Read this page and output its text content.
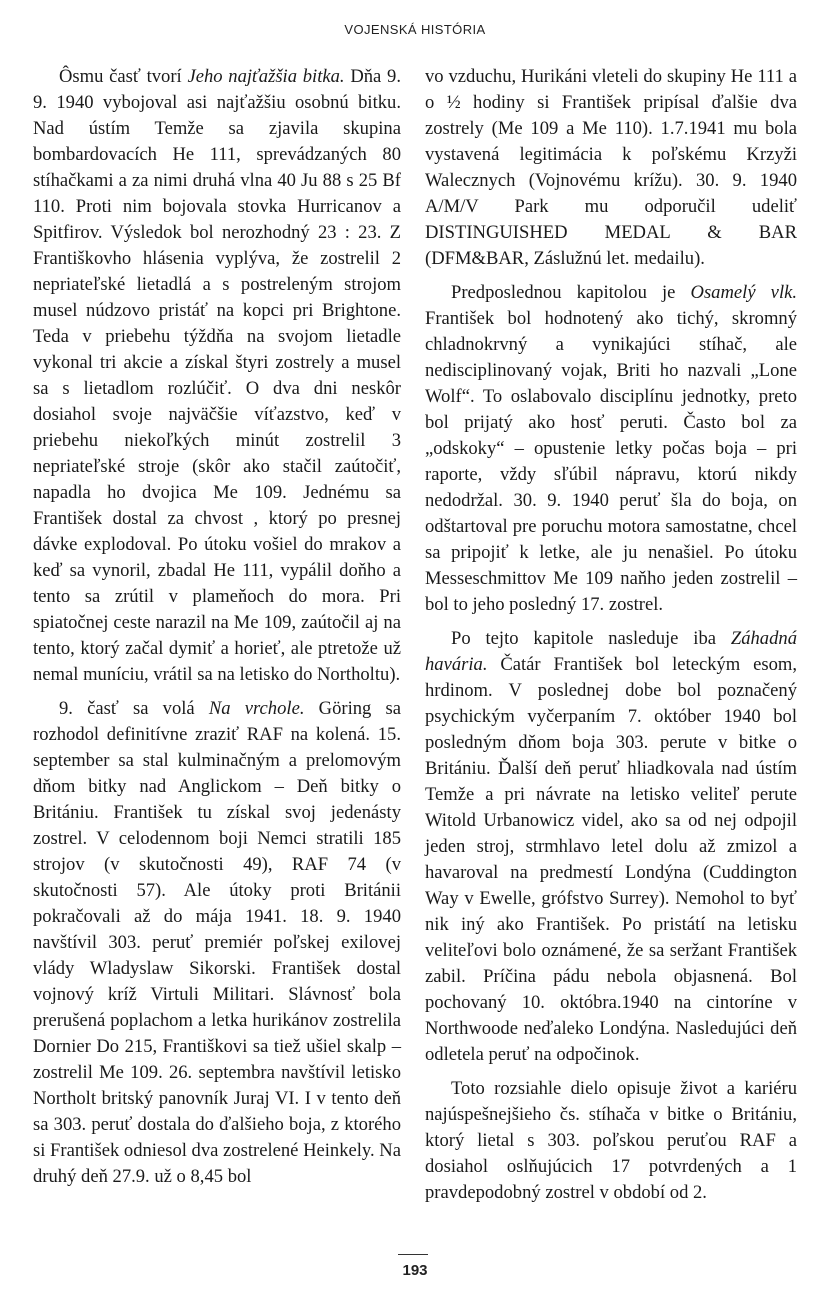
VOJENSKÁ HISTÓRIA

Ôsmu časť tvorí Jeho najťažšia bitka. Dňa 9. 9. 1940 vybojoval asi najťažšiu osobnú bitku. Nad ústím Temže sa zjavila skupina bombardovacích He 111, sprevádzaných 80 stíhačkami a za nimi druhá vlna 40 Ju 88 s 25 Bf 110. Proti nim bojovala stovka Hurricanov a Spitfirov. Výsledok bol nerozhodný 23 : 23. Z Františkovho hlásenia vyplýva, že zostrelil 2 nepriateľské lietadlá a s postreleným strojom musel núdzovo pristáť na kopci pri Brightone. Teda v priebehu týždňa na svojom lietadle vykonal tri akcie a získal štyri zostrely a musel sa s lietadlom rozlúčiť. O dva dni neskôr dosiahol svoje najväčšie víťazstvo, keď v priebehu niekoľkých minút zostrelil 3 nepriateľské stroje (skôr ako stačil zaútočiť, napadla ho dvojica Me 109. Jednému sa František dostal za chvost , ktorý po presnej dávke explodoval. Po útoku vošiel do mrakov a keď sa vynoril, zbadal He 111, vypálil doňho a tento sa zrútil v plameňoch do mora. Pri spiatočnej ceste narazil na Me 109, zaútočil aj na tento, ktorý začal dymiť a horieť, ale ptretože už nemal muníciu, vrátil sa na letisko do Northoltu).

9. časť sa volá Na vrchole. Göring sa rozhodol definitívne zraziť RAF na kolená. 15. september sa stal kulminačným a prelomovým dňom bitky nad Anglickom – Deň bitky o Britániu. František tu získal svoj jedenásty zostrel. V celodennom boji Nemci stratili 185 strojov (v skutočnosti 49), RAF 74 (v skutočnosti 57). Ale útoky proti Británii pokračovali až do mája 1941. 18. 9. 1940 navštívil 303. peruť premiér poľskej exilovej vlády Wladyslaw Sikorski. František dostal vojnový kríž Virtuli Militari. Slávnosť bola prerušená poplachom a letka hurikánov zostrelila Dornier Do 215, Františkovi sa tiež ušiel skalp – zostrelil Me 109. 26. septembra navštívil letisko Northolt britský panovník Juraj VI. I v tento deň sa 303. peruť dostala do ďalšieho boja, z ktorého si František odniesol dva zostrelené Heinkely. Na druhý deň 27.9. už o 8,45 bol

vo vzduchu, Hurikáni vleteli do skupiny He 111 a o ½ hodiny si František pripísal ďalšie dva zostrely (Me 109 a Me 110). 1.7.1941 mu bola vystavená legitimácia k poľskému Krzyži Walecznych (Vojnovému krížu). 30. 9. 1940 A/M/V Park mu odporučil udeliť DISTINGUISHED MEDAL & BAR (DFM&BAR, Záslužnú let. medailu).

Predposlednou kapitolou je Osamelý vlk. František bol hodnotený ako tichý, skromný chladnokrvný a vynikajúci stíhač, ale nedisciplinovaný vojak, Briti ho nazvali „Lone Wolf“. To oslabovalo disciplínu jednotky, preto bol prijatý ako hosť peruti. Často bol za „odskoky“ – opustenie letky počas boja – pri raporte, vždy sľúbil nápravu, ktorú nikdy nedodržal. 30. 9. 1940 peruť šla do boja, on odštartoval pre poruchu motora samostatne, chcel sa pripojiť k letke, ale ju nenašiel. Po útoku Messeschmittov Me 109 naňho jeden zostrelil – bol to jeho posledný 17. zostrel.

Po tejto kapitole nasleduje iba Záhadná havária. Čatár František bol leteckým esom, hrdinom. V poslednej dobe bol poznačený psychickým vyčerpaním 7. október 1940 bol posledným dňom boja 303. perute v bitke o Britániu. Ďalší deň peruť hliadkovala nad ústím Temže a pri návrate na letisko veliteľ perute Witold Urbanowicz videl, ako sa od nej odpojil jeden stroj, strmhlavo letel dolu až zmizol a havaroval na predmestí Londýna (Cuddington Way v Ewelle, grófstvo Surrey). Nemohol to byť nik iný ako František. Po pristátí na letisku veliteľovi bolo oznámené, že sa seržant František zabil. Príčina pádu nebola objasnená. Bol pochovaný 10. októbra.1940 na cintoríne v Northwoode neďaleko Londýna. Nasledujúci deň odletela peruť na odpočinok.

Toto rozsiahle dielo opisuje život a kariéru najúspešnejšieho čs. stíhača v bitke o Britániu, ktorý lietal s 303. poľskou peruťou RAF a dosiahol oslňujúcich 17 potvrdených a 1 pravdepodobný zostrel v období od 2.

193
